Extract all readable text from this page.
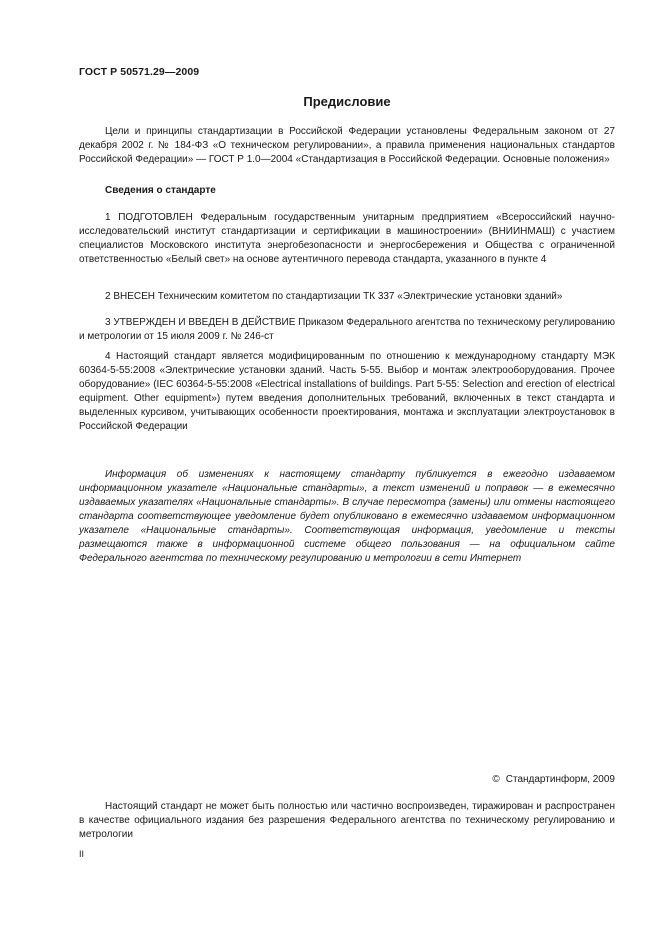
ГОСТ Р 50571.29—2009
Предисловие

Цели и принципы стандартизации в Российской Федерации установлены Федеральным законом от 27 декабря 2002 г. № 184-ФЗ «О техническом регулировании», а правила применения национальных стандартов Российской Федерации» — ГОСТ Р 1.0—2004 «Стандартизация в Российской Федерации. Основные положения»

Сведения о стандарте

1 ПОДГОТОВЛЕН Федеральным государственным унитарным предприятием «Всероссийский научно-исследовательский институт стандартизации и сертификации в машиностроении» (ВНИИНМАШ) с участием специалистов Московского института энергобезопасности и энергосбережения и Общества с ограниченной ответственностью «Белый свет» на основе аутентичного перевода стандарта, указанного в пункте 4

2 ВНЕСЕН Техническим комитетом по стандартизации ТК 337 «Электрические установки зданий»

3 УТВЕРЖДЕН И ВВЕДЕН В ДЕЙСТВИЕ Приказом Федерального агентства по техническому регулированию и метрологии от 15 июля 2009 г. № 246-ст

4 Настоящий стандарт является модифицированным по отношению к международному стандарту МЭК 60364-5-55:2008 «Электрические установки зданий. Часть 5-55. Выбор и монтаж электрооборудования. Прочее оборудование» (IEC 60364-5-55:2008 «Electrical installations of buildings. Part 5-55: Selection and erection of electrical equipment. Other equipment») путем введения дополнительных требований, включенных в текст стандарта и выделенных курсивом, учитывающих особенности проектирования, монтажа и эксплуатации электроустановок в Российской Федерации

Информация об изменениях к настоящему стандарту публикуется в ежегодно издаваемом информационном указателе «Национальные стандарты», а текст изменений и поправок — в ежемесячно издаваемых указателях «Национальные стандарты». В случае пересмотра (замены) или отмены настоящего стандарта соответствующее уведомление будет опубликовано в ежемесячно издаваемом информационном указателе «Национальные стандарты». Соответствующая информация, уведомление и тексты размещаются также в информационной системе общего пользования — на официальном сайте Федерального агентства по техническому регулированию и метрологии в сети Интернет

© Стандартинформ, 2009

Настоящий стандарт не может быть полностью или частично воспроизведен, тиражирован и распространен в качестве официального издания без разрешения Федерального агентства по техническому регулированию и метрологии

II
